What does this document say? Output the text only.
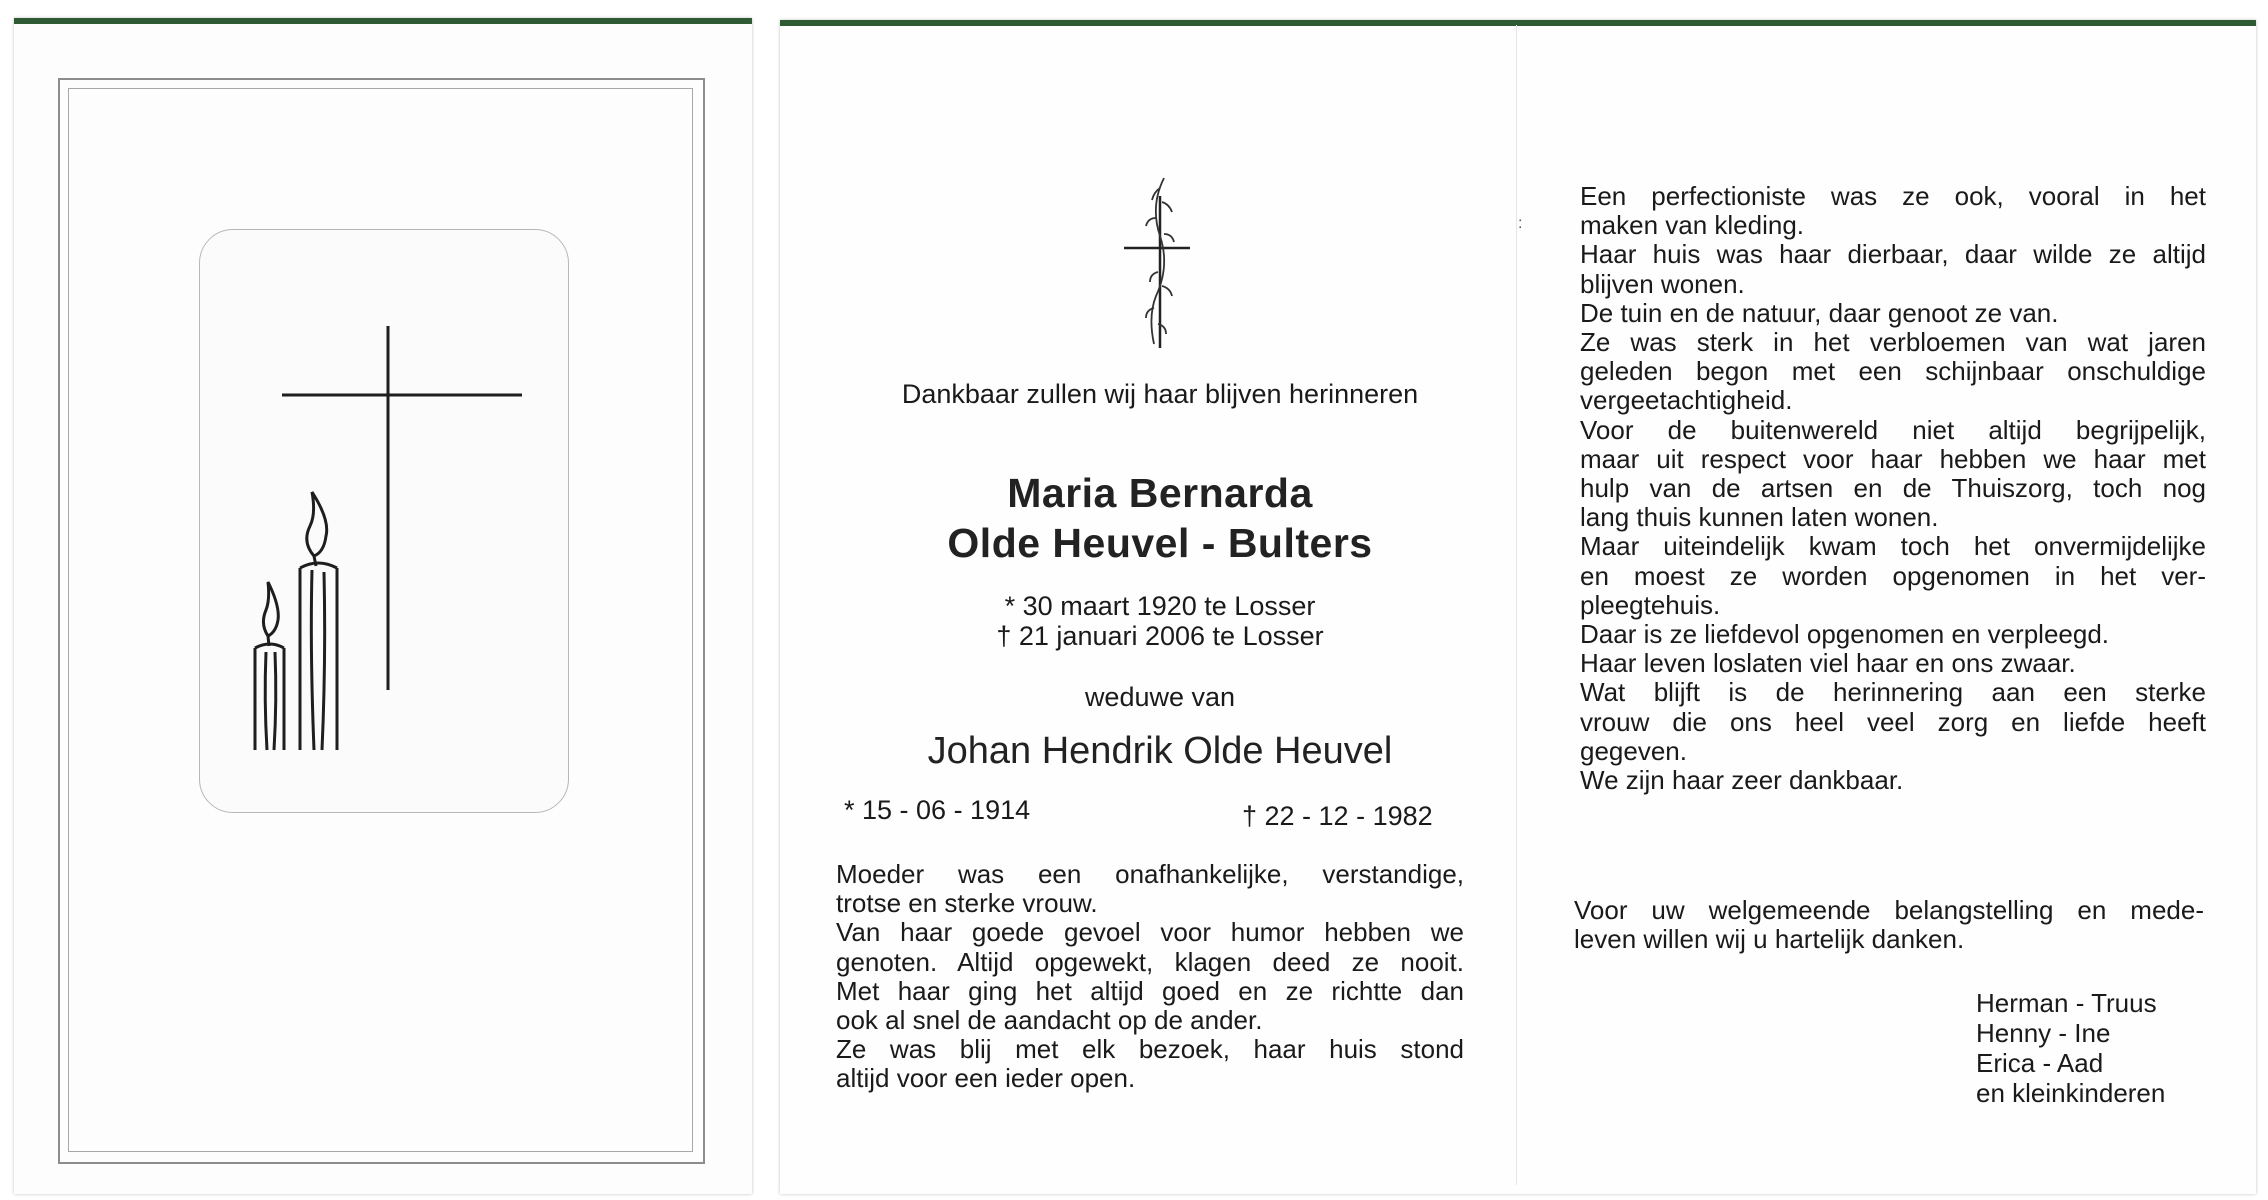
:
Dankbaar zullen wij haar blijven herinneren
Maria Bernarda
Olde Heuvel - Bulters
* 30 maart 1920 te Losser
† 21 januari 2006 te Losser
weduwe van
Johan Hendrik Olde Heuvel
* 15 - 06 - 1914	† 22 - 12 - 1982
Moeder was een onafhankelijke, verstandige,
trotse en sterke vrouw.
Van haar goede gevoel voor humor hebben we
genoten. Altijd opgewekt, klagen deed ze nooit.
Met haar ging het altijd goed en ze richtte dan
ook al snel de aandacht op de ander.
Ze was blij met elk bezoek, haar huis stond
altijd voor een ieder open.
Een perfectioniste was ze ook, vooral in het
maken van kleding.
Haar huis was haar dierbaar, daar wilde ze altijd
blijven wonen.
De tuin en de natuur, daar genoot ze van.
Ze was sterk in het verbloemen van wat jaren
geleden begon met een schijnbaar onschuldige
vergeetachtigheid.
Voor de buitenwereld niet altijd begrijpelijk,
maar uit respect voor haar hebben we haar met
hulp van de artsen en de Thuiszorg, toch nog
lang thuis kunnen laten wonen.
Maar uiteindelijk kwam toch het onvermijdelijke
en moest ze worden opgenomen in het ver-
pleegtehuis.
Daar is ze liefdevol opgenomen en verpleegd.
Haar leven loslaten viel haar en ons zwaar.
Wat blijft is de herinnering aan een sterke
vrouw die ons heel veel zorg en liefde heeft
gegeven.
We zijn haar zeer dankbaar.
Voor uw welgemeende belangstelling en mede-
leven willen wij u hartelijk danken.
Herman - Truus
Henny - Ine
Erica - Aad
en kleinkinderen
